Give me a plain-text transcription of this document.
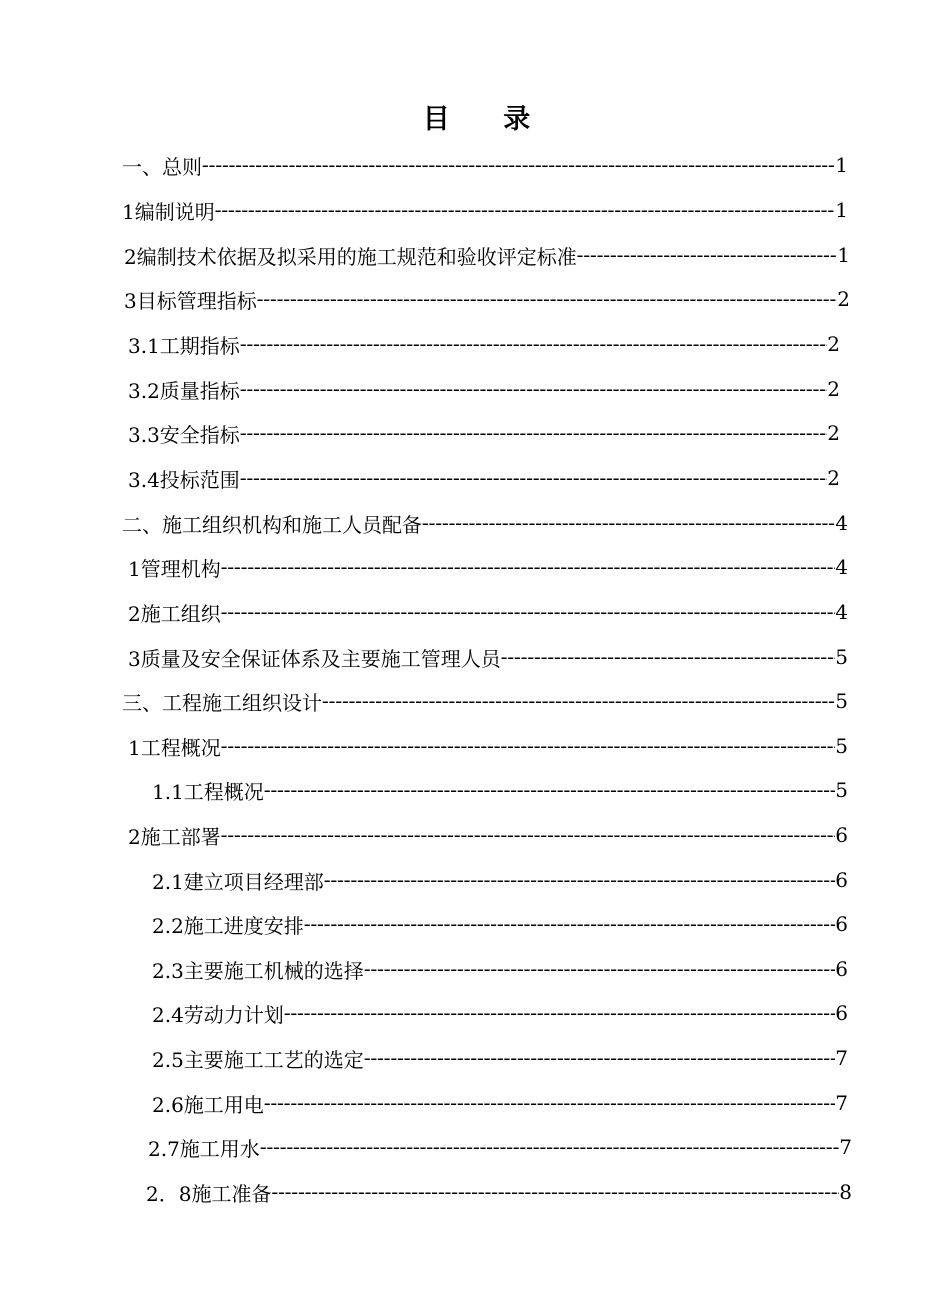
目 录
一、总则 -----	1
1编制说明 -----	1
2编制技术依据及拟采用的施工规范和验收评定标准 -----	1
3目标管理指标 -----	2
3.1工期指标 -----	2
3.2质量指标 -----	2
3.3安全指标 -----	2
3.4投标范围 -----	2
二、施工组织机构和施工人员配备 -----	4
1管理机构 -----	4
2施工组织 -----	4
3质量及安全保证体系及主要施工管理人员 -----	5
三、工程施工组织设计 -----	5
1工程概况 -----	5
1.1工程概况 -----	5
2施工部署 -----	6
2.1建立项目经理部 -----	6
2.2施工进度安排 -----	6
2.3主要施工机械的选择 -----	6
2.4劳动力计划 -----	6
2.5主要施工工艺的选定 -----	7
2.6施工用电 -----	7
2.7施工用水 -----	7
2．8施工准备 -----	8
